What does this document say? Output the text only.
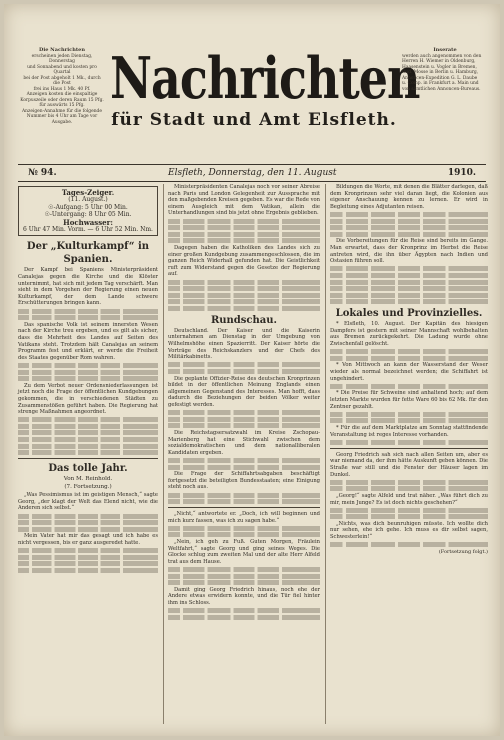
Die Nachrichten
erscheinen jeden Dienstag, Donnerstag
und Sonnabend und kosten pro Quartal
bei der Post abgeholt 1 Mk., durch die Post
frei ins Haus 1 Mk. 40 Pf.
Anzeigen kosten die einspaltige
Korpuszeile oder deren Raum 15 Pfg.
für auswärts 15 Pfg.
Anzeigen-Annahme für die folgende
Nummer bis 4 Uhr am Tage vor Ausgabe.
Nachrichten
für Stadt und Amt Elsfleth.
Inserate
werden auch angenommen von den
Herren H. Wiemer in Oldenburg,
Haasenstein u. Vogler in Bremen,
Rud. Mosse in Berlin u. Hamburg,
Annoncen-Expedition G. L. Daube
u. Comp. in Frankfurt a. Main und
von sämtlichen Annoncen-Bureaus.
№ 94.	Elsfleth, Donnerstag, den 11. August	1910.
Tages-Zeiger.
(11. August.)
☉-Aufgang: 5 Uhr 00 Min.
☉-Untergang: 8 Uhr 05 Min.
Hochwasser:
6 Uhr 47 Min. Vorm. — 6 Uhr 52 Min. Nm.
Der „Kulturkampf“ in Spanien.

Der Kampf bei Spaniens Ministerpräsident Canalejas gegen die Kirche und die Klöster unternimmt, hat sich mit jedem Tag verschärft. Man sieht in dem Vorgehen der Regierung einen neuen Kulturkampf, der dem Lande schwere Erschütterungen bringen kann.

Das spanische Volk ist seinem innersten Wesen nach der Kirche treu ergeben, und es gilt als sicher, dass die Mehrheit des Landes auf Seiten des Vatikans steht. Trotzdem hält Canalejas an seinem Programm fest und erklärt, er werde die Freiheit des Staates gegenüber Rom wahren.

Zu dem Verbot neuer Ordensniederlassungen ist jetzt noch die Frage der öffentlichen Kundgebungen gekommen, die in verschiedenen Städten zu Zusammenstößen geführt haben. Die Regierung hat strenge Maßnahmen angeordnet.

Das tolle Jahr.
Von M. Reinhold.
(7. Fortsetzung.)

„Was Pessimismus ist im geistigen Mensch,“ sagte Georg, „der klagt der Welt das Elend nicht, wie die Anderen sich selbst.“

Mein Vater hat mir das gesagt und ich habe es nicht vergessen, bis er ganz ausgeredet hatte.

Ministerpräsidenten Canalejas noch vor seiner Abreise nach Paris und London Gelegenheit zur Aussprache mit den maßgebenden Kreisen gegeben. Es war die Rede von einem Ausgleich mit dem Vatikan, allein die Unterhandlungen sind bis jetzt ohne Ergebnis geblieben.

Dagegen haben die Katholiken des Landes sich zu einer großen Kundgebung zusammengeschlossen, die im ganzen Reich Widerhall gefunden hat. Die Geistlichkeit ruft zum Widerstand gegen die Gesetze der Regierung auf.

Rundschau.

Deutschland. Der Kaiser und die Kaiserin unternahmen am Dienstag in der Umgebung von Wilhelmshöhe einen Spazierritt. Der Kaiser hörte die Vorträge des Reichskanzlers und der Chefs des Militärkabinetts.

Die geplante Offizier-Reise des deutschen Kronprinzen bildet in der öffentlichen Meinung Englands einen allgemeinen Gegenstand des Interesses. Man hofft, dass dadurch die Beziehungen der beiden Völker weiter gefestigt werden.

Die Reichstagsersatzwahl im Kreise Zschopau-Marienberg hat eine Stichwahl zwischen dem sozialdemokratischen und dem nationalliberalen Kandidaten ergeben.

Die Frage der Schiffahrtsabgaben beschäftigt fortgesetzt die beteiligten Bundesstaaten; eine Einigung steht noch aus.

„Nicht,“ antwortete er. „Doch, ich will beginnen und mich kurz fassen, was ich zu sagen habe.“

„Nein, ich geh zu Fuß. Guten Morgen, Fräulein Weltfahrt,“ sagte Georg und ging seines Weges. Die Glocke schlug zum zweiten Mal und der alte Herr Alfeld trat aus dem Hause.

Damit ging Georg Friedrich hinaus, noch ehe der Andere etwas erwidern konnte, und die Tür fiel hinter ihm ins Schloss.

Bildungen die Worte, mit denen die Blätter darlegen, daß dem Kronprinzen sehr viel daran liegt, die Kolonien aus eigener Anschauung kennen zu lernen. Er wird in Begleitung eines Adjutanten reisen.

Die Vorbereitungen für die Reise sind bereits im Gange. Man erwartet, dass der Kronprinz im Herbst die Reise antreten wird, die ihn über Ägypten nach Indien und Ostasien führen soll.

Lokales und Provinzielles.

* Elsfleth, 10. August. Der Kapitän des hiesigen Dampfers ist gestern mit seiner Mannschaft wohlbehalten aus Bremen zurückgekehrt. Die Ladung wurde ohne Zwischenfall gelöscht.

* Von Mittwoch an kann der Wasserstand der Weser wieder als normal bezeichnet werden; die Schiffahrt ist ungehindert.

* Die Preise für Schweine sind anhaltend hoch; auf dem letzten Markte wurden für fette Ware 60 bis 62 Mk. für den Zentner gezahlt.

* Für die auf dem Marktplatze am Sonntag stattfindende Veranstaltung ist reges Interesse vorhanden.

Georg Friedrich sah sich nach allen Seiten um, aber es war niemand da, der ihm hätte Auskunft geben können. Die Straße war still und die Fenster der Häuser lagen im Dunkel.

„Georg!“ sagte Alfeld und trat näher. „Was führt dich zu mir, mein Junge? Es ist doch nichts geschehen?“

„Nichts, was dich beunruhigen müsste. Ich wollte dich nur sehen, ehe ich gehe. Ich muss es dir selbst sagen, Schwesterlein!“

(Fortsetzung folgt.)
